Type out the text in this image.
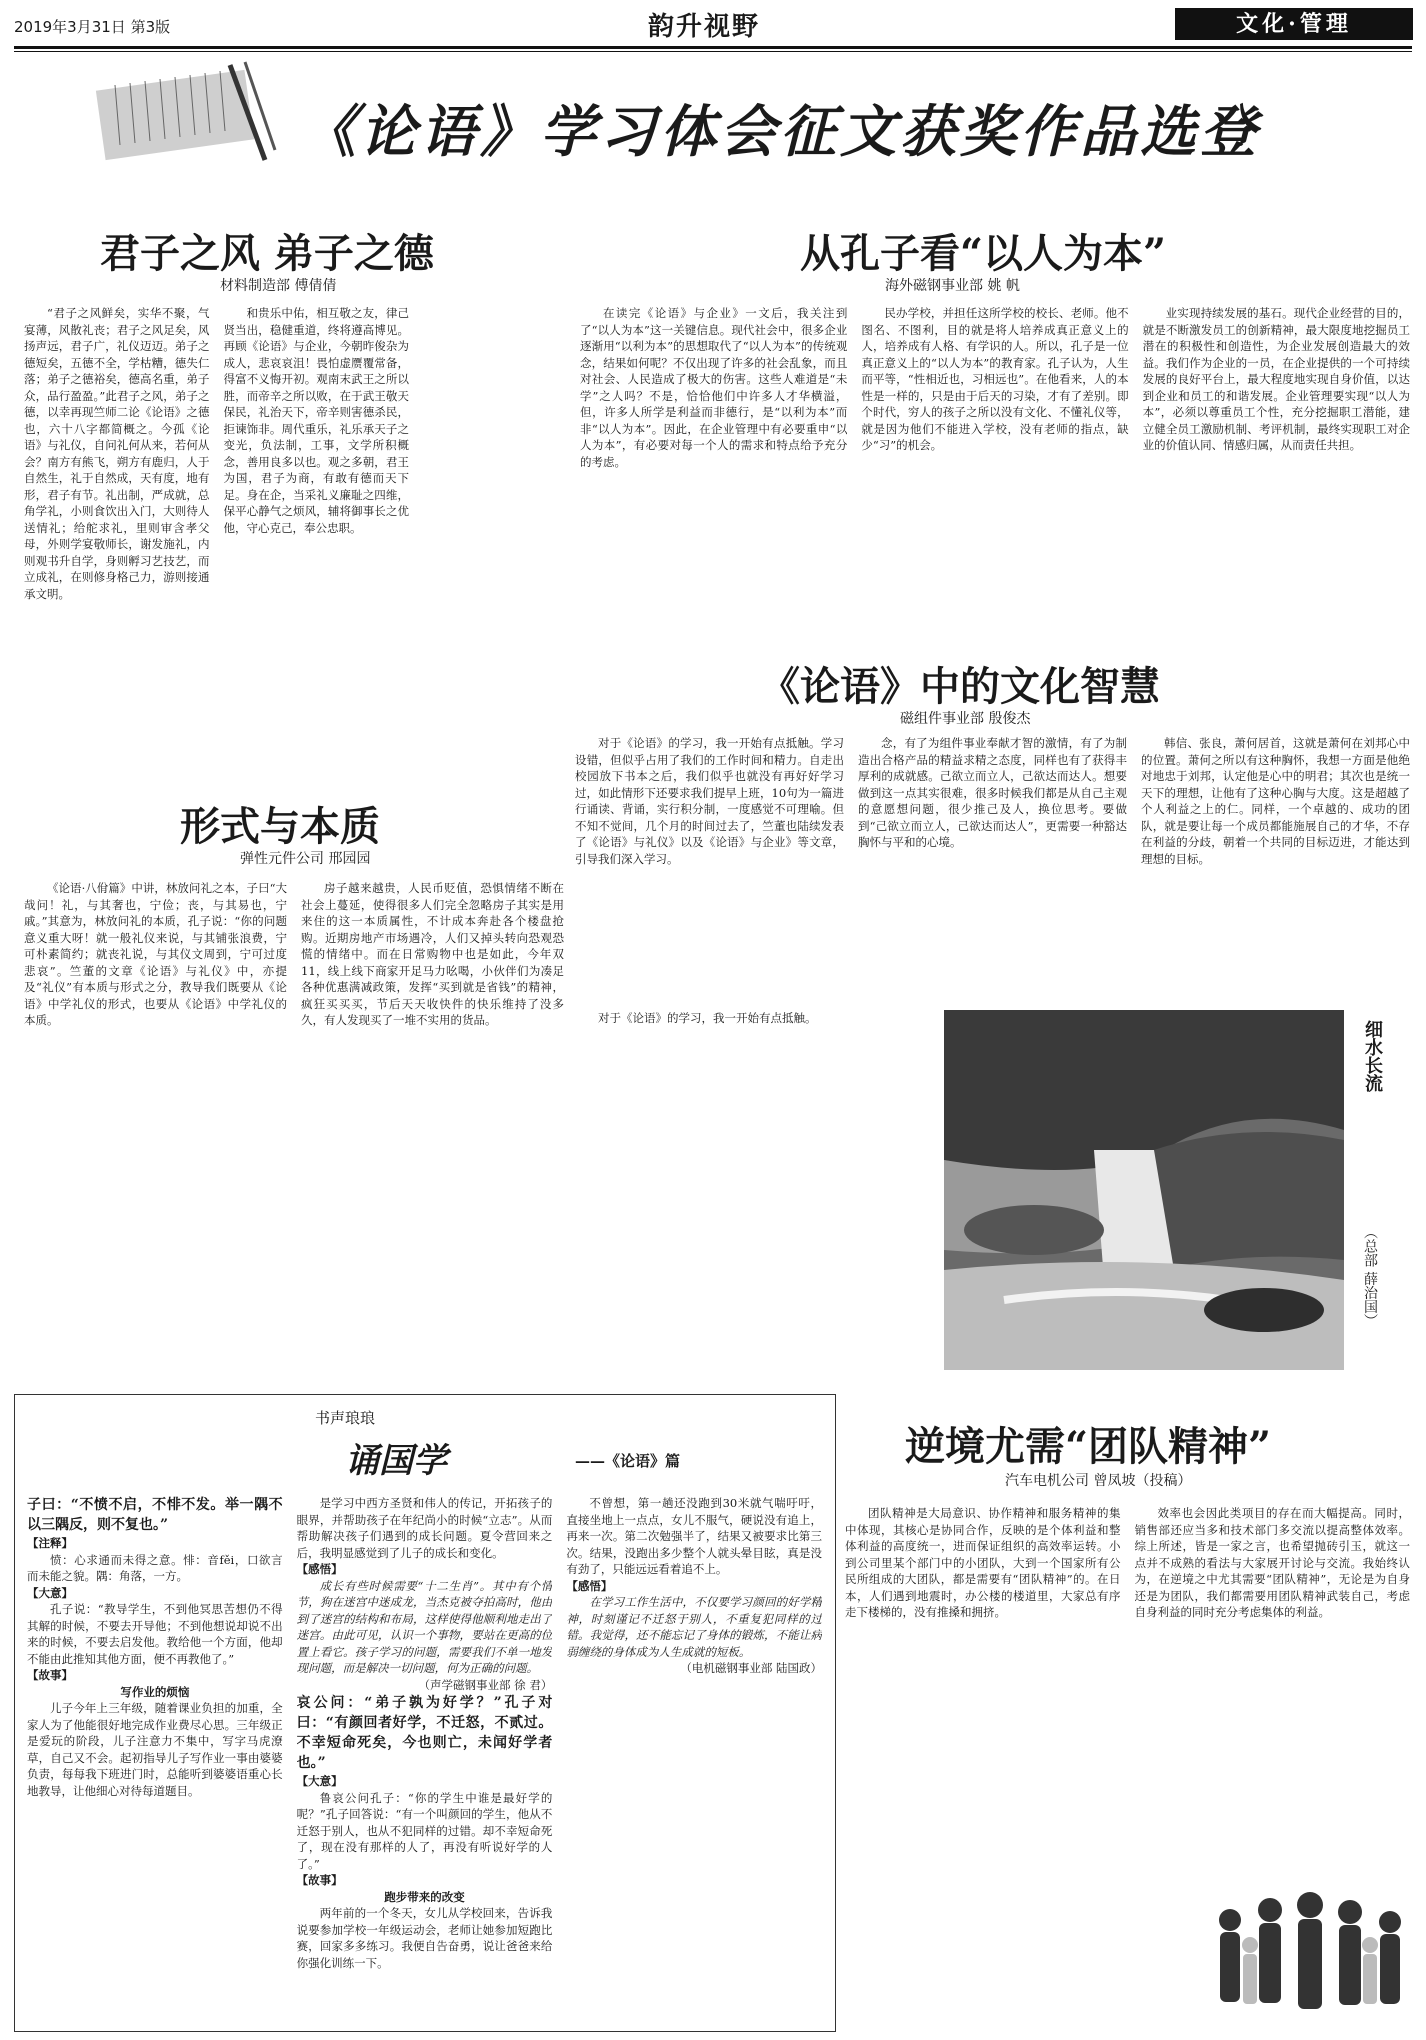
2019年3月31日 第3版	韵升视野	文化·管理
《论语》学习体会征文获奖作品选登
君子之风 弟子之德
材料制造部 傅倩倩

“君子之风鲜矣，实华不聚，气宴薄，风散礼丧；君子之风足矣，风扬声远，君子广，礼仪迈迈。弟子之德短矣，五德不全，学枯糟，德失仁落；弟子之德裕矣，德高名重，弟子众，品行盈盈。”此君子之风，弟子之德，以幸再现竺师二论《论语》之德也，六十八字都简概之。今孤《论语》与礼仪，自问礼何从来，若何从会？南方有熊飞，朔方有鹿归，人于自然生，礼于自然成，天有度，地有形，君子有节。礼出制，严成就，总角学礼，小则食饮出入门，大则待人送情礼；给舵求礼，里则审含孝父母，外则学宴敬师长，谢发施礼，内则观书升自学，身则孵习艺技艺，而立成礼，在则修身格己力，游则接通承文明。

和贵乐中佑，相互敬之友，律己贤当出，稳健重道，终将遵高博见。再顾《论语》与企业，今朝昨俊杂为成人，悲哀哀沮！畏怕虚赝覆常备，得富不义悔开初。观南末武王之所以胜，而帝辛之所以败，在于武王敬天保民，礼治天下，帝辛则害德杀民，拒谏饰非。周代重乐，礼乐承天子之变光，负法制，工事，文学所积概念，善用良多以也。观之多朝，君王为国，君子为商，有敢有德而天下足。身在企，当采礼义廉耻之四维，保平心静气之烦风，辅将御事长之优他，守心克己，奉公忠职。

从孔子看“以人为本”
海外磁钢事业部 姚 帆

在读完《论语》与企业》一文后，我关注到了“以人为本”这一关键信息。现代社会中，很多企业逐渐用“以利为本”的思想取代了“以人为本”的传统观念，结果如何呢？不仅出现了许多的社会乱象，而且对社会、人民造成了极大的伤害。这些人难道是“未学”之人吗？不是，恰恰他们中许多人才华横溢，但，许多人所学是利益而非德行，是“以利为本”而非“以人为本”。因此，在企业管理中有必要重申“以人为本”，有必要对每一个人的需求和特点给予充分的考虑。

民办学校，并担任这所学校的校长、老师。他不图名、不图利，目的就是将人培养成真正意义上的人，培养成有人格、有学识的人。所以，孔子是一位真正意义上的“以人为本”的教育家。孔子认为，人生而平等，“性相近也，习相远也”。在他看来，人的本性是一样的，只是由于后天的习染，才有了差别。即个时代，穷人的孩子之所以没有文化、不懂礼仪等，就是因为他们不能进入学校，没有老师的指点，缺少“习”的机会。

业实现持续发展的基石。现代企业经营的目的，就是不断激发员工的创新精神，最大限度地挖掘员工潜在的积极性和创造性，为企业发展创造最大的效益。我们作为企业的一员，在企业提供的一个可持续发展的良好平台上，最大程度地实现自身价值，以达到企业和员工的和谐发展。企业管理要实现“以人为本”，必须以尊重员工个性，充分挖掘职工潜能，建立健全员工激励机制、考评机制，最终实现职工对企业的价值认同、情感归属，从而责任共担。

《论语》中的文化智慧
磁组件事业部 殷俊杰

对于《论语》的学习，我一开始有点抵触。学习设错，但似乎占用了我们的工作时间和精力。自走出校园放下书本之后，我们似乎也就没有再好好学习过，如此情形下还要求我们提早上班，10句为一篇进行诵读、背诵，实行积分制，一度感觉不可理喻。但不知不觉间，几个月的时间过去了，竺董也陆续发表了《论语》与礼仪》以及《论语》与企业》等文章，引导我们深入学习。

念，有了为组件事业奉献才智的激情，有了为制造出合格产品的精益求精之态度，同样也有了获得丰厚利的成就感。己欲立而立人，己欲达而达人。想要做到这一点其实很难，很多时候我们都是从自己主观的意愿想问题，很少推己及人，换位思考。要做到“己欲立而立人，己欲达而达人”，更需要一种豁达胸怀与平和的心境。

韩信、张良，萧何居首，这就是萧何在刘邦心中的位置。萧何之所以有这种胸怀，我想一方面是他绝对地忠于刘邦，认定他是心中的明君；其次也是统一天下的理想，让他有了这种心胸与大度。这是超越了个人利益之上的仁。同样，一个卓越的、成功的团队，就是要让每一个成员都能施展自己的才华，不存在利益的分歧，朝着一个共同的目标迈进，才能达到理想的目标。

形式与本质
弹性元件公司 邢园园

《论语·八佾篇》中讲，林放问礼之本，子曰“大哉问！礼，与其奢也，宁俭；丧，与其易也，宁戚。”其意为，林放问礼的本质，孔子说：“你的问题意义重大呀！就一般礼仪来说，与其铺张浪费，宁可朴素简约；就丧礼说，与其仪文周到，宁可过度悲哀”。竺董的文章《论语》与礼仪》中，亦提及“礼仪”有本质与形式之分，教导我们既要从《论语》中学礼仪的形式，也要从《论语》中学礼仪的本质。

房子越来越贵，人民币贬值，恐惧情绪不断在社会上蔓延，使得很多人们完全忽略房子其实是用来住的这一本质属性，不计成本奔赴各个楼盘抢购。近期房地产市场遇冷，人们又掉头转向恐观恐慌的情绪中。而在日常购物中也是如此，今年双11，线上线下商家开足马力吆喝，小伙伴们为凑足各种优惠满减政策，发挥“买到就是省钱”的精神，疯狂买买买，节后天天收快件的快乐维持了没多久，有人发现买了一堆不实用的货品。	对于《论语》的学习，我一开始有点抵触。

细水长流
（总部 薛治国）
书声琅琅
诵国学	——《论语》篇

子曰：“不愤不启，不悱不发。举一隅不以三隅反，则不复也。”

【注释】

愤：心求通而未得之意。悱：音fěi，口欲言而未能之貌。隅：角落，一方。

【大意】

孔子说：“教导学生，不到他冥思苦想仍不得其解的时候，不要去开导他；不到他想说却说不出来的时候，不要去启发他。教给他一个方面，他却不能由此推知其他方面，便不再教他了。”

【故事】

写作业的烦恼

儿子今年上三年级，随着课业负担的加重，全家人为了他能很好地完成作业费尽心思。三年级正是爱玩的阶段，儿子注意力不集中，写字马虎潦草，自己又不会。起初指导儿子写作业一事由婆婆负责，每每我下班进门时，总能听到婆婆语重心长地教导，让他细心对待每道题目。

是学习中西方圣贤和伟人的传记，开拓孩子的眼界，并帮助孩子在年纪尚小的时候“立志”。从而帮助解决孩子们遇到的成长问题。夏令营回来之后，我明显感觉到了儿子的成长和变化。

【感悟】

成长有些时候需要“十二生肖”。其中有个情节，狗在迷宫中迷成龙，当杰克被夺拍高时，他由到了迷宫的结构和布局，这样使得他顺利地走出了迷宫。由此可见，认识一个事物，要站在更高的位置上看它。孩子学习的问题，需要我们不单一地发现问题，而是解决一切问题，何为正确的问题。

（声学磁钢事业部 徐 君）

哀公问：“弟子孰为好学？”孔子对曰：“有颜回者好学，不迁怒，不贰过。不幸短命死矣，今也则亡，未闻好学者也。”

【大意】

鲁哀公问孔子：“你的学生中谁是最好学的呢？”孔子回答说：“有一个叫颜回的学生，他从不迁怒于别人，也从不犯同样的过错。却不幸短命死了，现在没有那样的人了，再没有听说好学的人了。”

【故事】

跑步带来的改变

两年前的一个冬天，女儿从学校回来，告诉我说要参加学校一年级运动会，老师让她参加短跑比赛，回家多多练习。我便自告奋勇，说让爸爸来给你强化训练一下。

不曾想，第一趟还没跑到30米就气喘吁吁，直接坐地上一点点，女儿不服气，硬说没有追上，再来一次。第二次勉强半了，结果又被要求比第三次。结果，没跑出多少整个人就头晕目眩，真是没有劲了，只能远远看着追不上。

【感悟】

在学习工作生活中，不仅要学习颜回的好学精神，时刻谨记不迁怒于别人，不重复犯同样的过错。我觉得，还不能忘记了身体的锻炼，不能让病弱缠绕的身体成为人生成就的短板。

（电机磁钢事业部 陆国政）

逆境尤需“团队精神”
汽车电机公司 曾凤坡（投稿）

团队精神是大局意识、协作精神和服务精神的集中体现，其核心是协同合作，反映的是个体利益和整体利益的高度统一，进而保证组织的高效率运转。小到公司里某个部门中的小团队，大到一个国家所有公民所组成的大团队，都是需要有“团队精神”的。在日本，人们遇到地震时，办公楼的楼道里，大家总有序走下楼梯的，没有推搡和拥挤。

效率也会因此类项目的存在而大幅提高。同时，销售部还应当多和技术部门多交流以提高整体效率。综上所述，皆是一家之言，也希望抛砖引玉，就这一点并不成熟的看法与大家展开讨论与交流。我始终认为，在逆境之中尤其需要“团队精神”，无论是为自身还是为团队，我们都需要用团队精神武装自己，考虑自身利益的同时充分考虑集体的利益。
